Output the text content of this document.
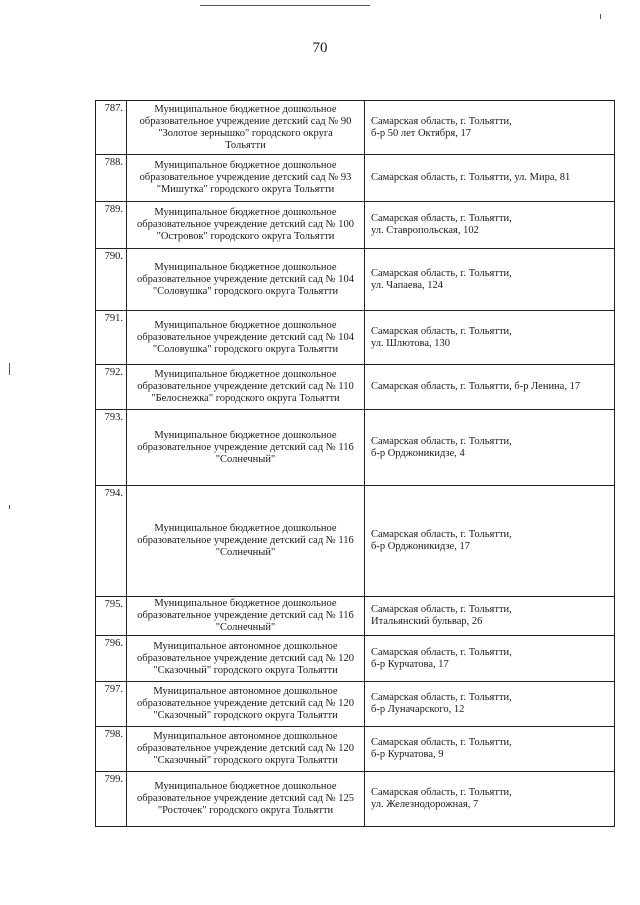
70
787.	Муниципальное бюджетное дошкольное
образовательное учреждение детский сад № 90
"Золотое зернышко" городского округа
Тольятти	Самарская область, г. Тольятти,
б-р 50 лет Октября, 17

788.	Муниципальное бюджетное дошкольное
образовательное учреждение детский сад № 93
"Мишутка" городского округа Тольятти	Самарская область, г. Тольятти, ул. Мира, 81

789.	Муниципальное бюджетное дошкольное
образовательное учреждение детский сад № 100
"Островок" городского округа Тольятти	Самарская область, г. Тольятти,
ул. Ставропольская, 102

790.	Муниципальное бюджетное дошкольное
образовательное учреждение детский сад № 104
"Соловушка" городского округа Тольятти	Самарская область, г. Тольятти,
ул. Чапаева, 124

791.	Муниципальное бюджетное дошкольное
образовательное учреждение детский сад № 104
"Соловушка" городского округа Тольятти	Самарская область, г. Тольятти,
ул. Шлютова, 130

792.	Муниципальное бюджетное дошкольное
образовательное учреждение детский сад № 110
"Белоснежка" городского округа Тольятти	Самарская область, г. Тольятти, б-р Ленина, 17

793.	Муниципальное бюджетное дошкольное
образовательное учреждение детский сад № 116
"Солнечный"	Самарская область, г. Тольятти,
б-р Орджоникидзе, 4

794.	Муниципальное бюджетное дошкольное
образовательное учреждение детский сад № 116
"Солнечный"	Самарская область, г. Тольятти,
б-р Орджоникидзе, 17

795.	Муниципальное бюджетное дошкольное
образовательное учреждение детский сад № 116
"Солнечный"	Самарская область, г. Тольятти,
Итальянский бульвар, 26

796.	Муниципальное автономное дошкольное
образовательное учреждение детский сад № 120
"Сказочный" городского округа Тольятти	Самарская область, г. Тольятти,
б-р Курчатова, 17

797.	Муниципальное автономное дошкольное
образовательное учреждение детский сад № 120
"Сказочный" городского округа Тольятти	Самарская область, г. Тольятти,
б-р Луначарского, 12

798.	Муниципальное автономное дошкольное
образовательное учреждение детский сад № 120
"Сказочный" городского округа Тольятти	Самарская область, г. Тольятти,
б-р Курчатова, 9

799.	Муниципальное бюджетное дошкольное
образовательное учреждение детский сад № 125
"Росточек" городского округа Тольятти	Самарская область, г. Тольятти,
ул. Железнодорожная, 7
